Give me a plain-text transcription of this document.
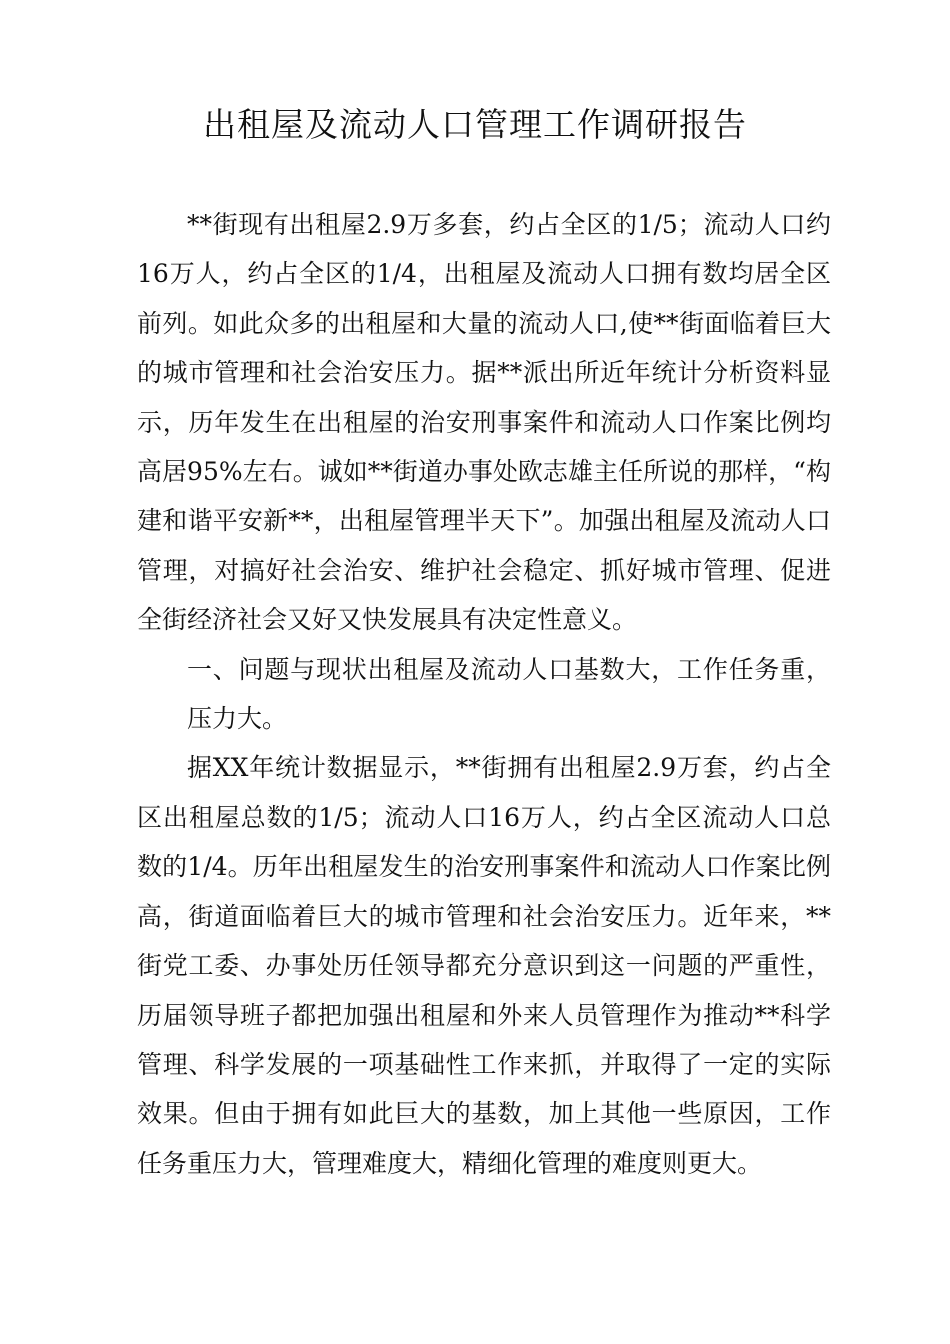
出租屋及流动人口管理工作调研报告

**街现有出租屋2.9万多套，约占全区的1/5；流动人口约16万人，约占全区的1/4，出租屋及流动人口拥有数均居全区前列。如此众多的出租屋和大量的流动人口,使**街面临着巨大的城市管理和社会治安压力。据**派出所近年统计分析资料显示，历年发生在出租屋的治安刑事案件和流动人口作案比例均高居95%左右。诚如**街道办事处欧志雄主任所说的那样，“构建和谐平安新**，出租屋管理半天下”。加强出租屋及流动人口管理，对搞好社会治安、维护社会稳定、抓好城市管理、促进全街经济社会又好又快发展具有决定性意义。

一、问题与现状出租屋及流动人口基数大，工作任务重，压力大。

据XX年统计数据显示，**街拥有出租屋2.9万套，约占全区出租屋总数的1/5；流动人口16万人，约占全区流动人口总数的1/4。历年出租屋发生的治安刑事案件和流动人口作案比例高，街道面临着巨大的城市管理和社会治安压力。近年来，**街党工委、办事处历任领导都充分意识到这一问题的严重性，历届领导班子都把加强出租屋和外来人员管理作为推动**科学管理、科学发展的一项基础性工作来抓，并取得了一定的实际效果。但由于拥有如此巨大的基数，加上其他一些原因，工作任务重压力大，管理难度大，精细化管理的难度则更大。
